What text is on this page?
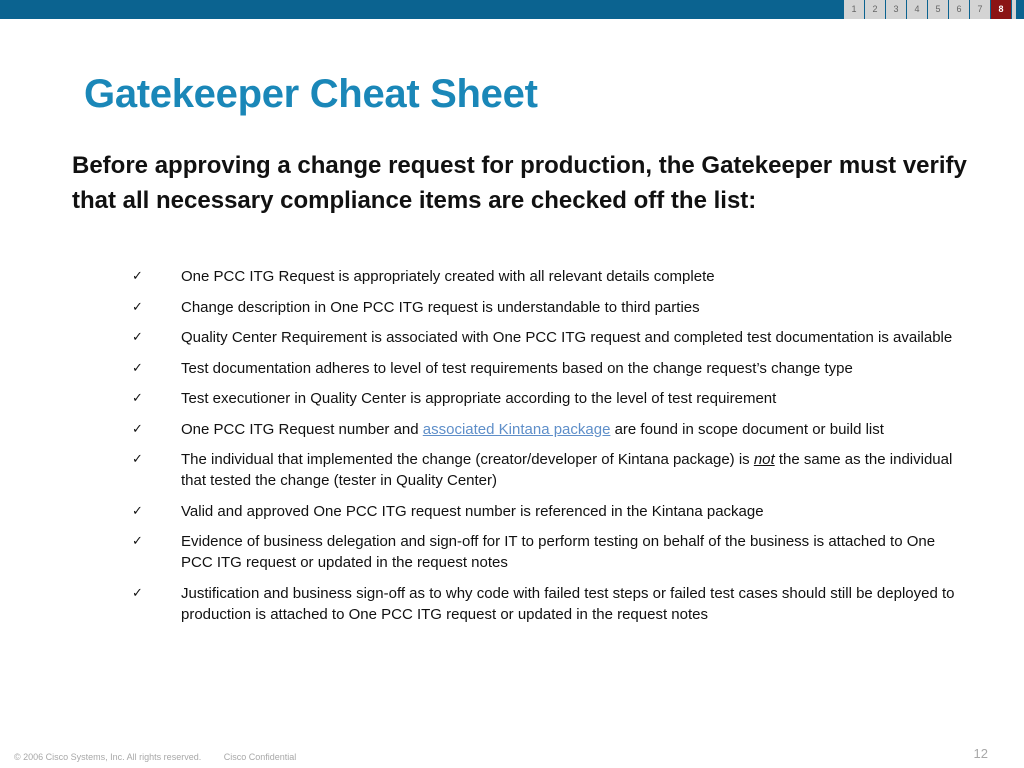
1	2	3	4	5	6	7	8
Gatekeeper Cheat Sheet

Before approving a change request for production, the Gatekeeper must verify that all necessary compliance items are checked off the list:

✓	One PCC ITG Request is appropriately created with all relevant details complete
✓	Change description in One PCC ITG request is understandable to third parties
✓	Quality Center Requirement is associated with One PCC ITG request and completed test documentation is available
✓	Test documentation adheres to level of test requirements based on the change request’s change type
✓	Test executioner in Quality Center is appropriate according to the level of test requirement
✓	One PCC ITG Request number and associated Kintana package are found in scope document or build list
✓	The individual that implemented the change (creator/developer of Kintana package) is not the same as the individual that tested the change (tester in Quality Center)
✓	Valid and approved One PCC ITG request number is referenced in the Kintana package
✓	Evidence of business delegation and sign-off for IT to perform testing on behalf of the business is attached to One PCC ITG request or updated in the request notes
✓	Justification and business sign-off as to why code with failed test steps or failed test cases should still be deployed to production is attached to One PCC ITG request or updated in the request notes
© 2006 Cisco Systems, Inc. All rights reserved.	Cisco Confidential	12
